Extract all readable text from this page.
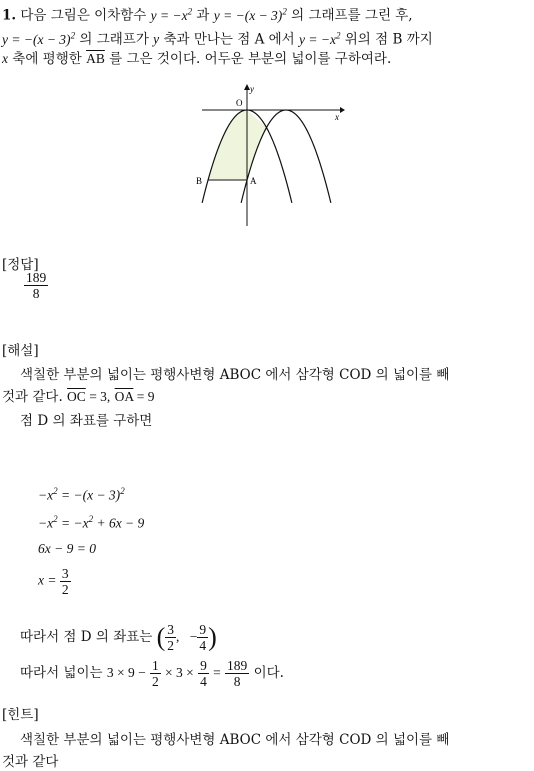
1. 다음 그림은 이차함수 $y = -x^2$ 과 $y = -(x - 3)^2$ 의 그래프를 그린 후,
$y = -(x - 3)^2$ 의 그래프가 y 축과 만나는 점 A 에서 $y = -x^2$ 위의 점 B 까지
x 축에 평행한 $\overline{AB}$ 를 그은 것이다. 어두운 부분의 넓이를 구하여라.
O
x
y
A
B
[정답]
$\frac{189}{8}$
[해설]
색칠한 부분의 넓이는 평행사변형 ABOC 에서 삼각형 COD 의 넓이를 빼
것과 같다. $\overline{OC} = 3$, $\overline{OA} = 9$
점 D 의 좌표를 구하면
$-x^2 = -(x - 3)^2$
$-x^2 = -x^2 + 6x - 9$
6x − 9 = 0
$x = \frac{3}{2}$
따라서 점 D 의 좌표는 ( $\frac{3}{2}$ , − $\frac{9}{4}$ )
따라서 넓이는 $3 \times 9 - \frac{1}{2} \times 3 \times \frac{9}{4} = \frac{189}{8}$ 이다.
[힌트]
색칠한 부분의 넓이는 평행사변형 ABOC 에서 삼각형 COD 의 넓이를 빼
것과 같다
